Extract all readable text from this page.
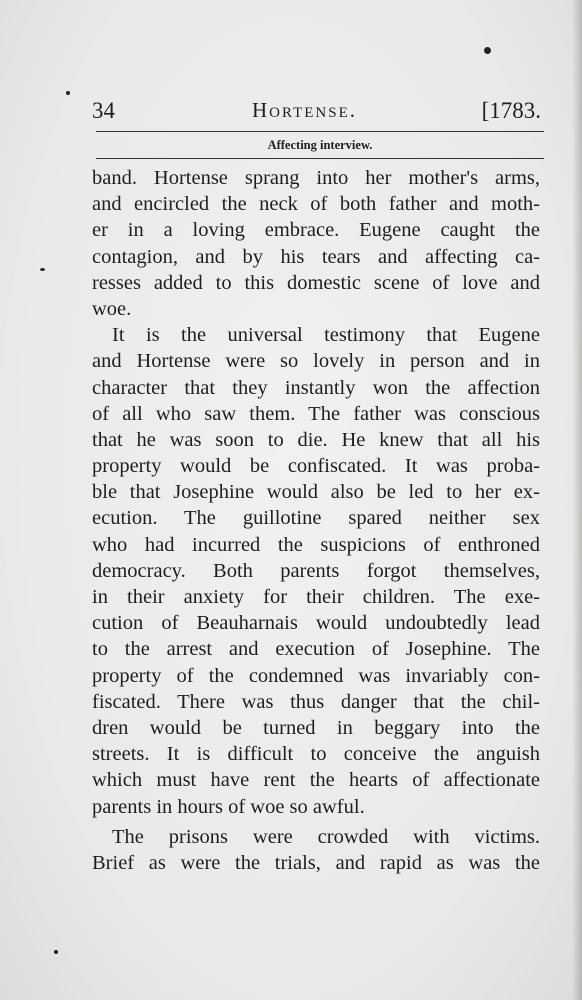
34	Hortense.	[1783.
Affecting interview.
band. Hortense sprang into her mother's arms,
and encircled the neck of both father and moth-
er in a loving embrace. Eugene caught the
contagion, and by his tears and affecting ca-
resses added to this domestic scene of love and
woe.
It is the universal testimony that Eugene
and Hortense were so lovely in person and in
character that they instantly won the affection
of all who saw them. The father was conscious
that he was soon to die. He knew that all his
property would be confiscated. It was proba-
ble that Josephine would also be led to her ex-
ecution. The guillotine spared neither sex
who had incurred the suspicions of enthroned
democracy. Both parents forgot themselves,
in their anxiety for their children. The exe-
cution of Beauharnais would undoubtedly lead
to the arrest and execution of Josephine. The
property of the condemned was invariably con-
fiscated. There was thus danger that the chil-
dren would be turned in beggary into the
streets. It is difficult to conceive the anguish
which must have rent the hearts of affectionate
parents in hours of woe so awful.
The prisons were crowded with victims.
Brief as were the trials, and rapid as was the
